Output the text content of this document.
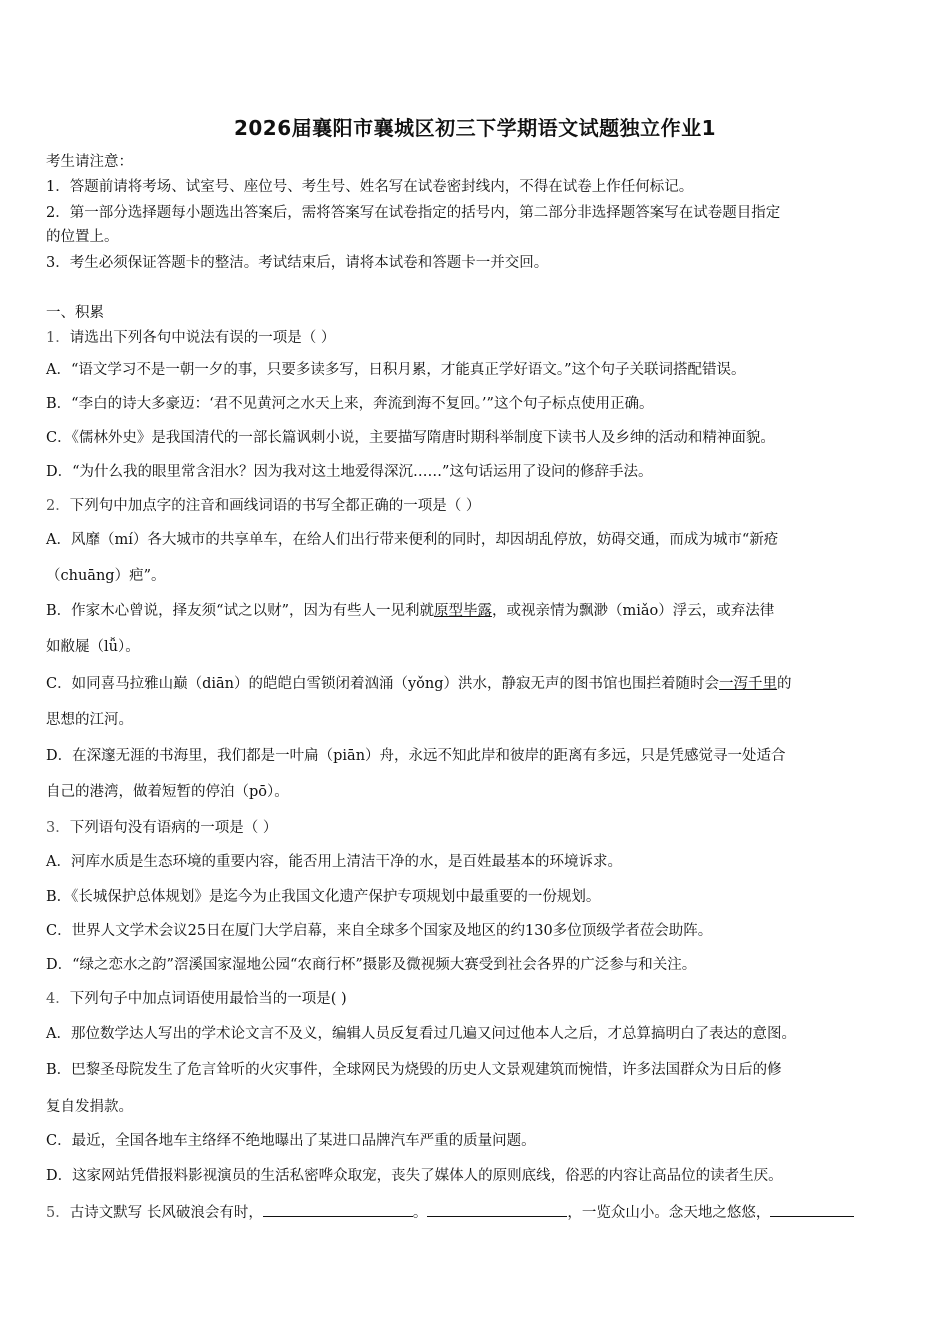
2026届襄阳市襄城区初三下学期语文试题独立作业1
考生请注意：
1．答题前请将考场、试室号、座位号、考生号、姓名写在试卷密封线内，不得在试卷上作任何标记。
2．第一部分选择题每小题选出答案后，需将答案写在试卷指定的括号内，第二部分非选择题答案写在试卷题目指定
的位置上。
3．考生必须保证答题卡的整洁。考试结束后，请将本试卷和答题卡一并交回。
一、积累
1．请选出下列各句中说法有误的一项是（ ）
A．“语文学习不是一朝一夕的事，只要多读多写，日积月累，才能真正学好语文。”这个句子关联词搭配错误。
B．“李白的诗大多豪迈：‘君不见黄河之水天上来，奔流到海不复回。’”这个句子标点使用正确。
C．《儒林外史》是我国清代的一部长篇讽刺小说，主要描写隋唐时期科举制度下读书人及乡绅的活动和精神面貌。
D．“为什么我的眼里常含泪水？因为我对这土地爱得深沉……”这句话运用了设问的修辞手法。
2．下列句中加点字的注音和画线词语的书写全都正确的一项是（ ）
A．风靡（mí）各大城市的共享单车，在给人们出行带来便利的同时，却因胡乱停放，妨碍交通，而成为城市“新疮
（chuāng）疤”。
B．作家木心曾说，择友须“试之以财”，因为有些人一见利就原型毕露，或视亲情为飘渺（miǎo）浮云，或弃法律
如敝屣（lǚ）。
C．如同喜马拉雅山巅（diān）的皑皑白雪锁闭着汹涌（yǒng）洪水，静寂无声的图书馆也围拦着随时会一泻千里的
思想的江河。
D．在深邃无涯的书海里，我们都是一叶扁（piān）舟，永远不知此岸和彼岸的距离有多远，只是凭感觉寻一处适合
自己的港湾，做着短暂的停泊（pō）。
3．下列语句没有语病的一项是（ ）
A．河库水质是生态环境的重要内容，能否用上清洁干净的水，是百姓最基本的环境诉求。
B．《长城保护总体规划》是迄今为止我国文化遗产保护专项规划中最重要的一份规划。
C．世界人文学术会议25日在厦门大学启幕，来自全球多个国家及地区的约130多位顶级学者莅会助阵。
D．“绿之恋水之韵”滘溪国家湿地公园“农商行杯”摄影及微视频大赛受到社会各界的广泛参与和关注。
4．下列句子中加点词语使用最恰当的一项是( )
A．那位数学达人写出的学术论文言不及义，编辑人员反复看过几遍又问过他本人之后，才总算搞明白了表达的意图。
B．巴黎圣母院发生了危言耸听的火灾事件，全球网民为烧毁的历史人文景观建筑而惋惜，许多法国群众为日后的修
复自发捐款。
C．最近，全国各地车主络绎不绝地曝出了某进口品牌汽车严重的质量问题。
D．这家网站凭借报料影视演员的生活私密哗众取宠，丧失了媒体人的原则底线，俗恶的内容让高品位的读者生厌。
5．古诗文默写 长风破浪会有时，	。	，一览众山小。念天地之悠悠，
